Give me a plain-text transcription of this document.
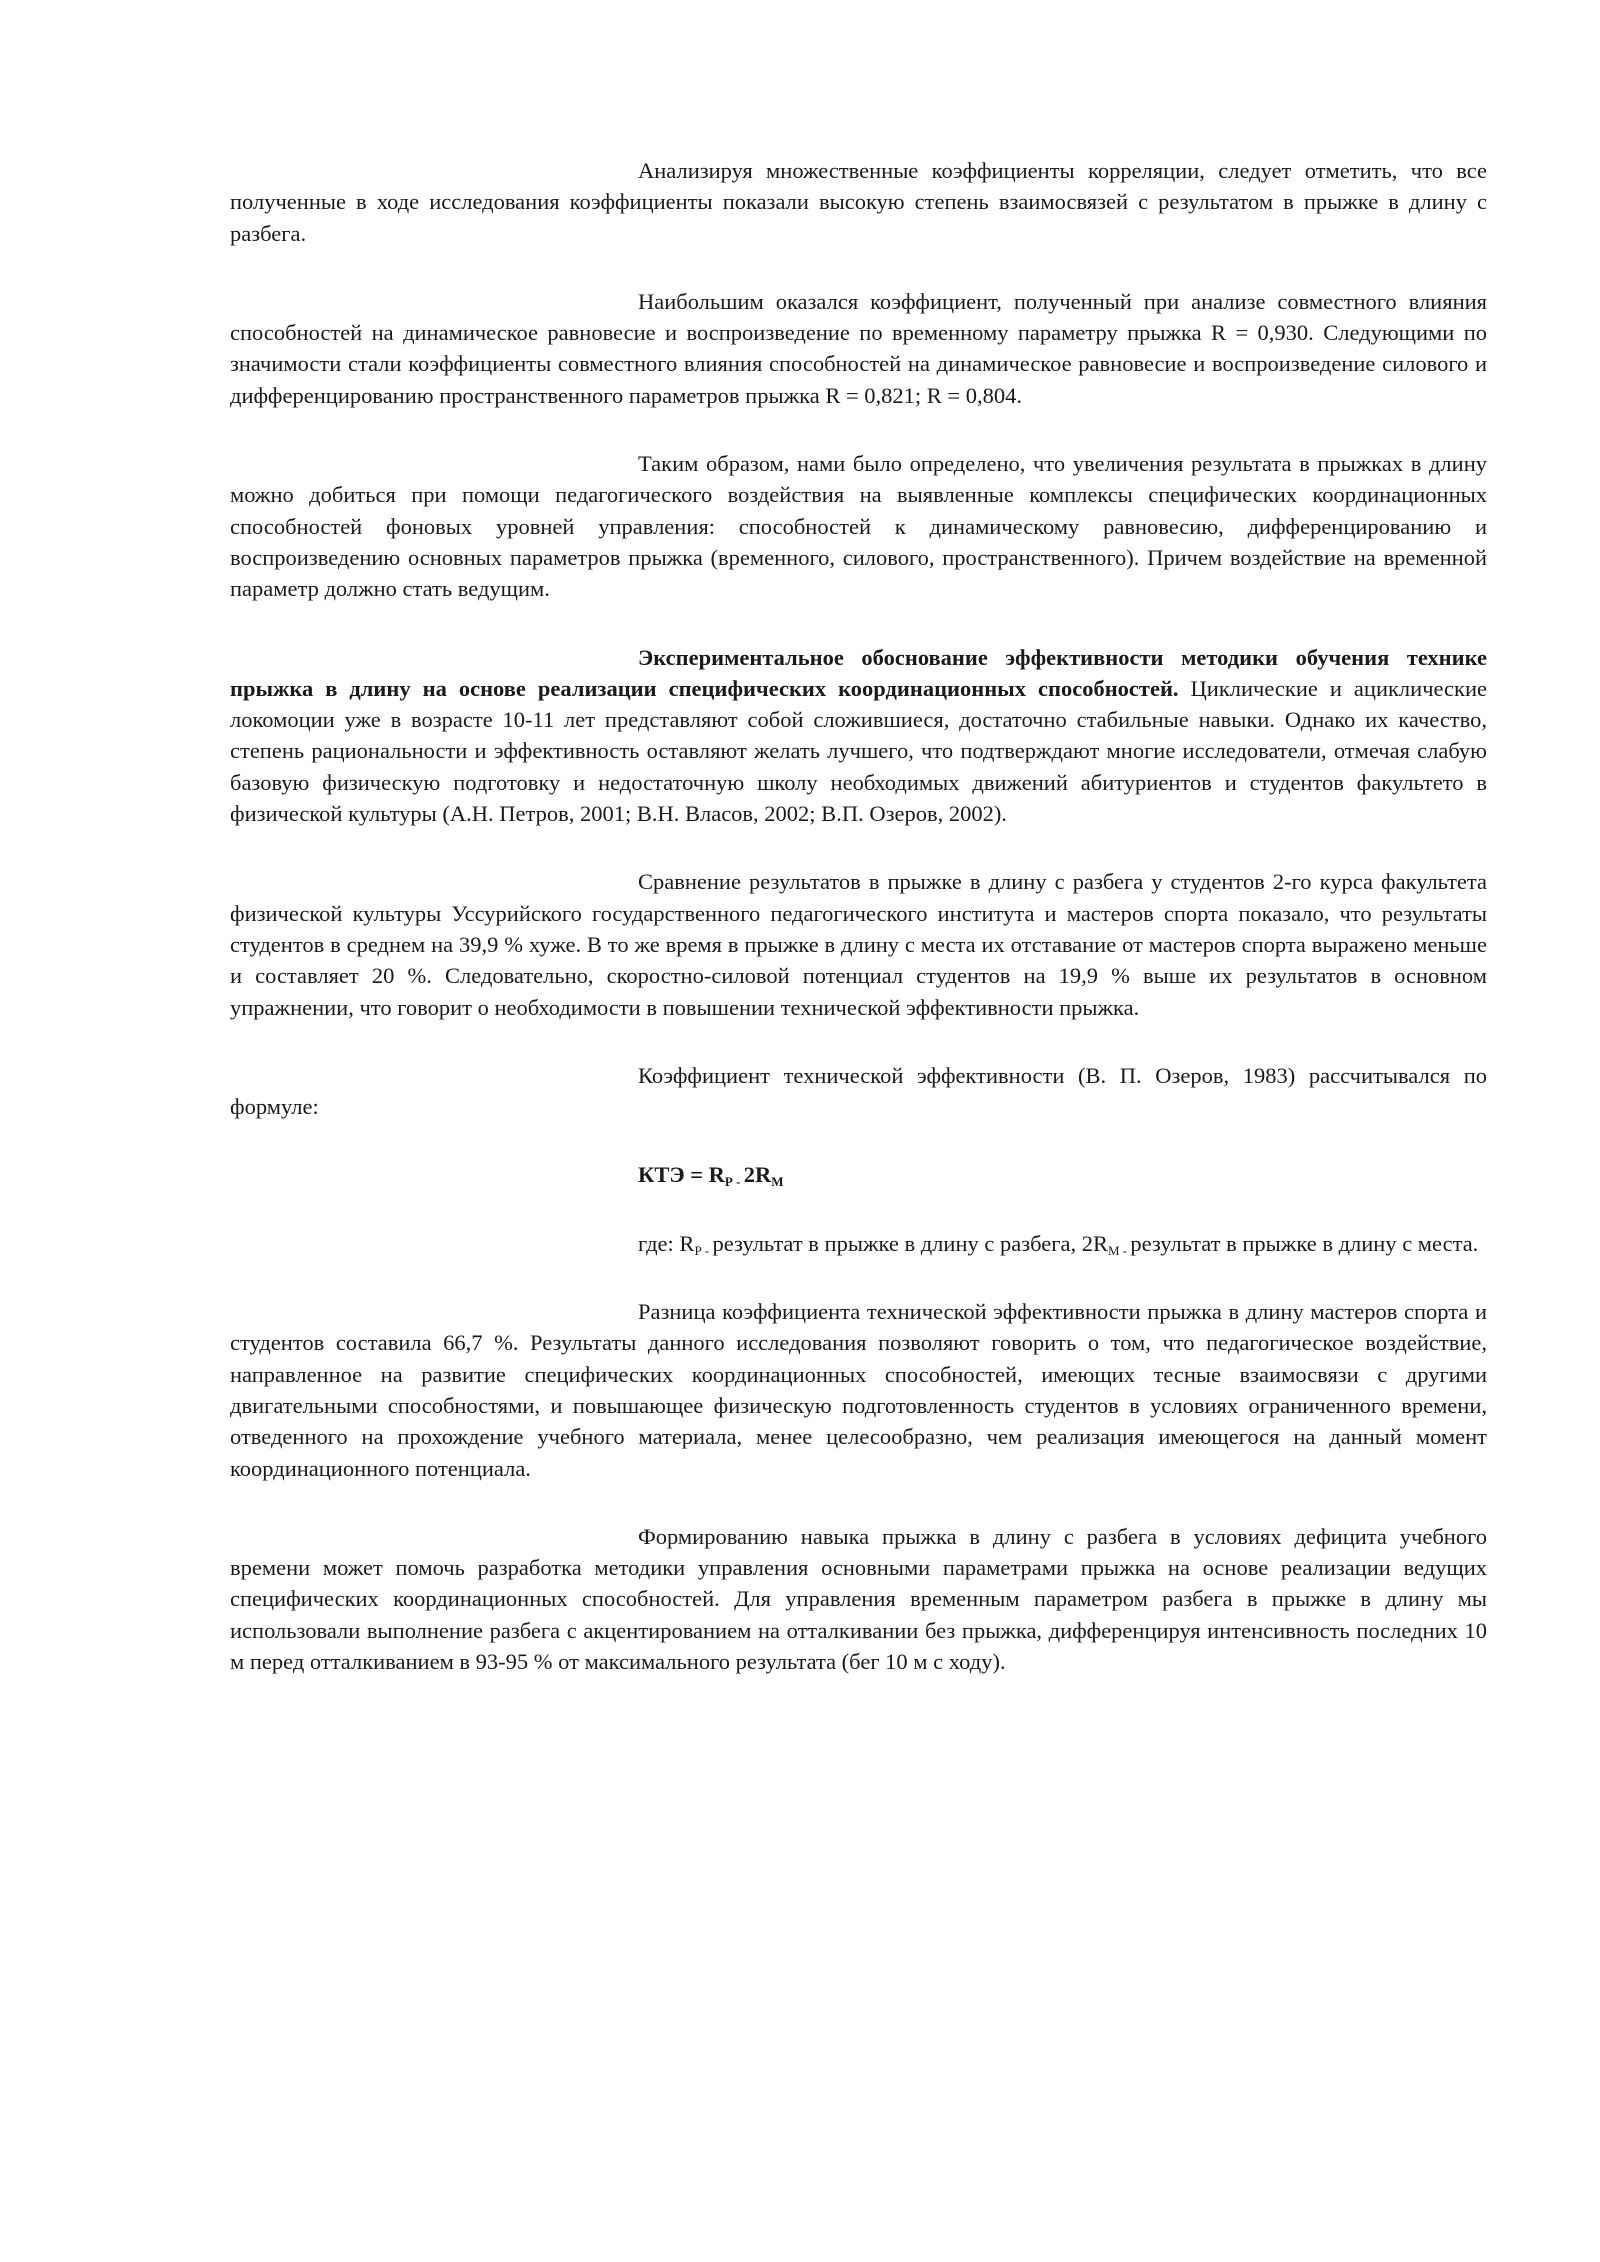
Анализируя множественные коэффициенты корреляции, следует отметить, что все полученные в ходе исследования коэффициенты показали высокую степень взаимосвязей с результатом в прыжке в длину с разбега.

Наибольшим оказался коэффициент, полученный при анализе совместного влияния способностей на динамическое равновесие и воспроизведение по временному параметру прыжка R = 0,930. Следующими по значимости стали коэффициенты совместного влияния способностей на динамическое равновесие и воспроизведение силового и дифференцированию пространственного параметров прыжка R = 0,821; R = 0,804.

Таким образом, нами было определено, что увеличения результата в прыжках в длину можно добиться при помощи педагогического воздействия на выявленные комплексы специфических координационных способностей фоновых уровней управления: способностей к динамическому равновесию, дифференцированию и воспроизведению основных параметров прыжка (временного, силового, пространственного). Причем воздействие на временной параметр должно стать ведущим.

Экспериментальное обоснование эффективности методики обучения технике прыжка в длину на основе реализации специфических координационных способностей. Циклические и ациклические локомоции уже в возрасте 10-11 лет представляют собой сложившиеся, достаточно стабильные навыки. Однако их качество, степень рациональности и эффективность оставляют желать лучшего, что подтверждают многие исследователи, отмечая слабую базовую физическую подготовку и недостаточную школу необходимых движений абитуриентов и студентов факультето в физической культуры (А.Н. Петров, 2001; В.Н. Власов, 2002; В.П. Озеров, 2002).

Сравнение результатов в прыжке в длину с разбега у студентов 2-го курса факультета физической культуры Уссурийского государственного педагогического института и мастеров спорта показало, что результаты студентов в среднем на 39,9 % хуже. В то же время в прыжке в длину с места их отставание от мастеров спорта выражено меньше и составляет 20 %. Следовательно, скоростно-силовой потенциал студентов на 19,9 % выше их результатов в основном упражнении, что говорит о необходимости в повышении технической эффективности прыжка.

Коэффициент технической эффективности (В. П. Озеров, 1983) рассчитывался по формуле:

КТЭ = $R_{Р -}$ $2R_М$

где: $R_{Р -}$ результат в прыжке в длину с разбега, $2R_{М -}$ результат в прыжке в длину с места.

Разница коэффициента технической эффективности прыжка в длину мастеров спорта и студентов составила 66,7 %. Результаты данного исследования позволяют говорить о том, что педагогическое воздействие, направленное на развитие специфических координационных способностей, имеющих тесные взаимосвязи с другими двигательными способностями, и повышающее физическую подготовленность студентов в условиях ограниченного времени, отведенного на прохождение учебного материала, менее целесообразно, чем реализация имеющегося на данный момент координационного потенциала.

Формированию навыка прыжка в длину с разбега в условиях дефицита учебного времени может помочь разработка методики управления основными параметрами прыжка на основе реализации ведущих специфических координационных способностей. Для управления временным параметром разбега в прыжке в длину мы использовали выполнение разбега с акцентированием на отталкивании без прыжка, дифференцируя интенсивность последних 10 м перед отталкиванием в 93-95 % от максимального результата (бег 10 м с ходу).
